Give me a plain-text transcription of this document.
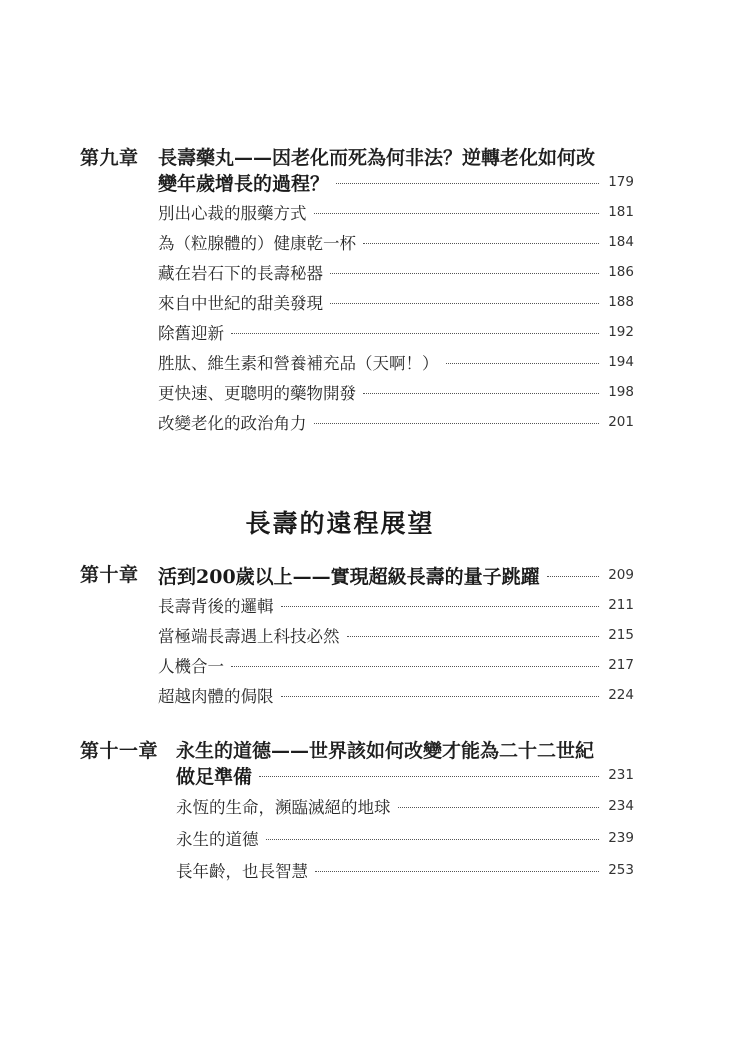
第九章 長壽藥丸——因老化而死為何非法？逆轉老化如何改
變年歲增長的過程？	179
別出心裁的服藥方式	181
為（粒腺體的）健康乾一杯	184
藏在岩石下的長壽秘器	186
來自中世紀的甜美發現	188
除舊迎新	192
胜肽、維生素和營養補充品（天啊！）	194
更快速、更聰明的藥物開發	198
改變老化的政治角力	201
長壽的遠程展望
第十章 活到200歲以上——實現超級長壽的量子跳躍	209
長壽背後的邏輯	211
當極端長壽遇上科技必然	215
人機合一	217
超越肉體的侷限	224
第十一章 永生的道德——世界該如何改變才能為二十二世紀
做足準備	231
永恆的生命，瀕臨滅絕的地球	234
永生的道德	239
長年齡，也長智慧	253
